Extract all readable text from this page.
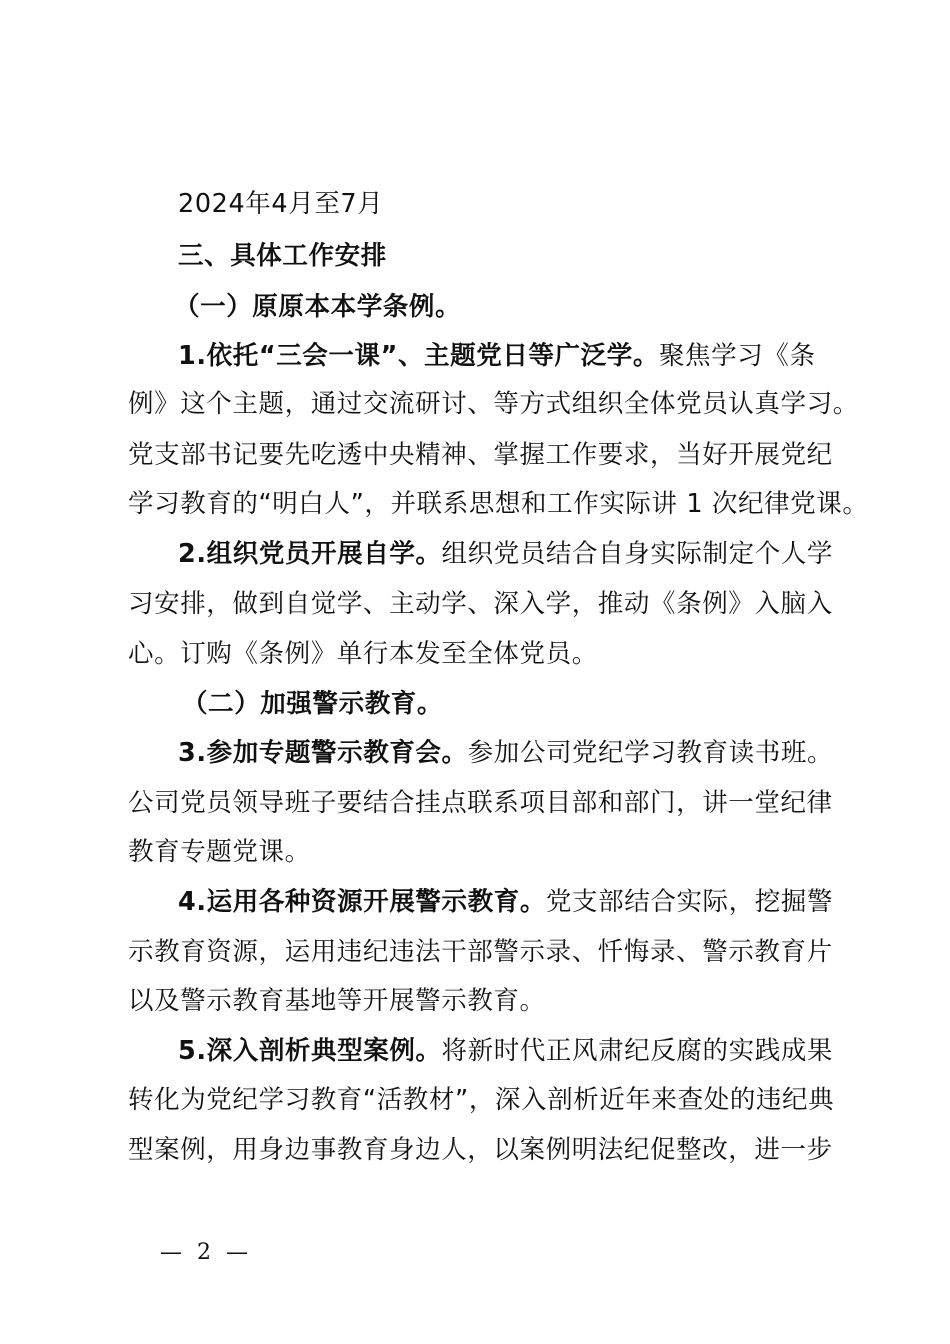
2024年4月至7月
三、具体工作安排
（一）原原本本学条例。
1.依托“三会一课”、主题党日等广泛学。聚焦学习《条
例》这个主题，通过交流研讨、等方式组织全体党员认真学习。
党支部书记要先吃透中央精神、掌握工作要求，当好开展党纪
学习教育的“明白人”，并联系思想和工作实际讲 1 次纪律党课。
2.组织党员开展自学。组织党员结合自身实际制定个人学
习安排，做到自觉学、主动学、深入学，推动《条例》入脑入
心。订购《条例》单行本发至全体党员。
（二）加强警示教育。
3.参加专题警示教育会。参加公司党纪学习教育读书班。
公司党员领导班子要结合挂点联系项目部和部门，讲一堂纪律
教育专题党课。
4.运用各种资源开展警示教育。党支部结合实际，挖掘警
示教育资源，运用违纪违法干部警示录、忏悔录、警示教育片
以及警示教育基地等开展警示教育。
5.深入剖析典型案例。将新时代正风肃纪反腐的实践成果
转化为党纪学习教育“活教材”，深入剖析近年来查处的违纪典
型案例，用身边事教育身边人，以案例明法纪促整改，进一步
— 2 —
